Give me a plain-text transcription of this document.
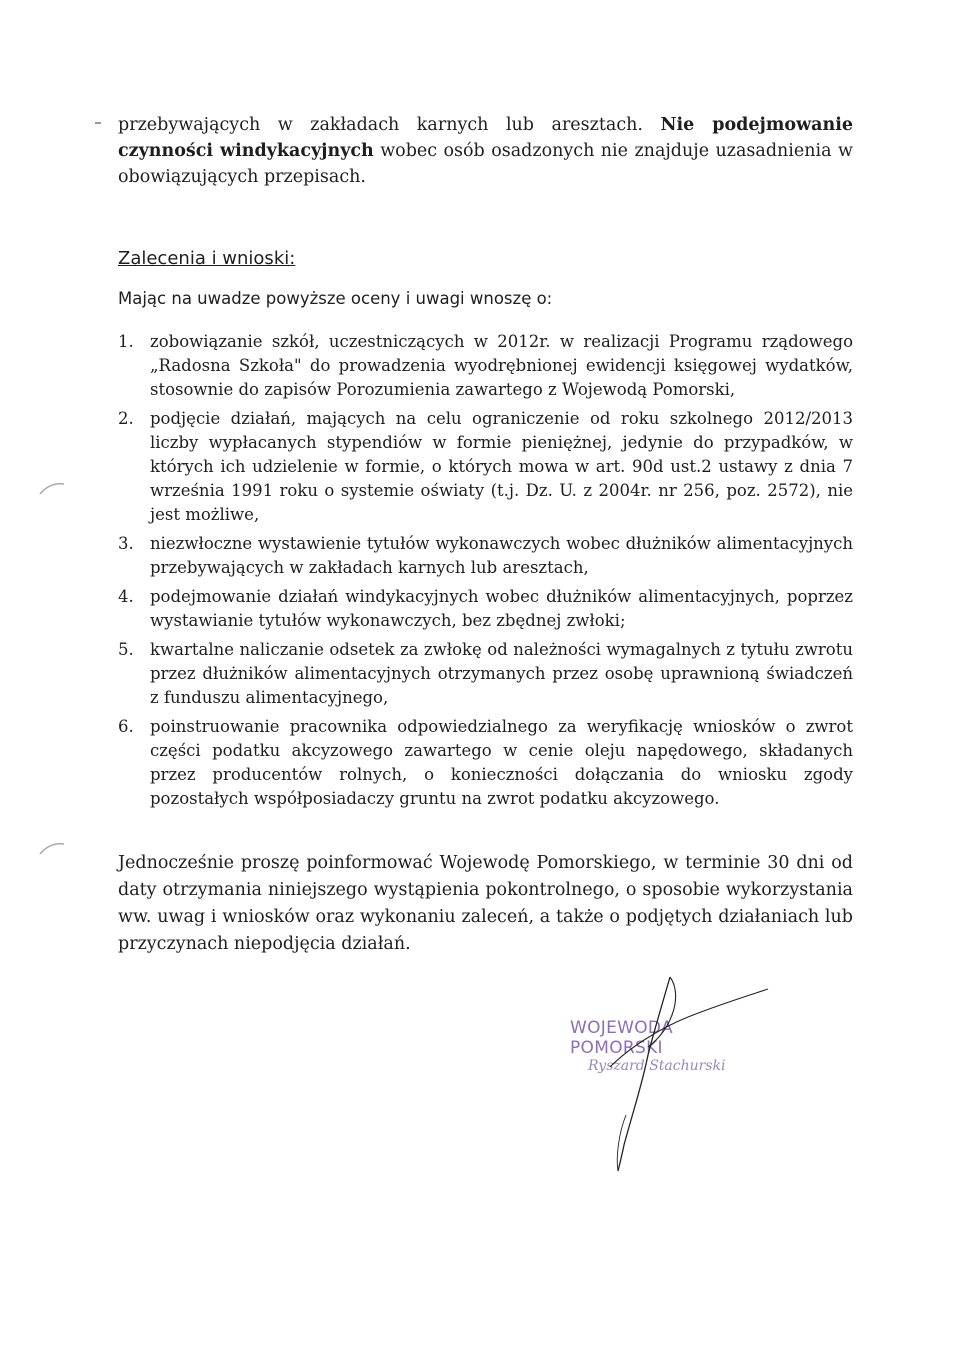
przebywających w zakładach karnych lub aresztach. Nie podejmowanie czynności windykacyjnych wobec osób osadzonych nie znajduje uzasadnienia w obowiązujących przepisach.

Zalecenia i wnioski:

Mając na uwadze powyższe oceny i uwagi wnoszę o:

1. zobowiązanie szkół, uczestniczących w 2012r. w realizacji Programu rządowego „Radosna Szkoła" do prowadzenia wyodrębnionej ewidencji księgowej wydatków, stosownie do zapisów Porozumienia zawartego z Wojewodą Pomorski,
2. podjęcie działań, mających na celu ograniczenie od roku szkolnego 2012/2013 liczby wypłacanych stypendiów w formie pieniężnej, jedynie do przypadków, w których ich udzielenie w formie, o których mowa w art. 90d ust.2 ustawy z dnia 7 września 1991 roku o systemie oświaty (t.j. Dz. U. z 2004r. nr 256, poz. 2572), nie jest możliwe,
3. niezwłoczne wystawienie tytułów wykonawczych wobec dłużników alimentacyjnych przebywających w zakładach karnych lub aresztach,
4. podejmowanie działań windykacyjnych wobec dłużników alimentacyjnych, poprzez wystawianie tytułów wykonawczych, bez zbędnej zwłoki;
5. kwartalne naliczanie odsetek za zwłokę od należności wymagalnych z tytułu zwrotu przez dłużników alimentacyjnych otrzymanych przez osobę uprawnioną świadczeń z funduszu alimentacyjnego,
6. poinstruowanie pracownika odpowiedzialnego za weryfikację wniosków o zwrot części podatku akcyzowego zawartego w cenie oleju napędowego, składanych przez producentów rolnych, o konieczności dołączania do wniosku zgody pozostałych współposiadaczy gruntu na zwrot podatku akcyzowego.

Jednocześnie proszę poinformować Wojewodę Pomorskiego, w terminie 30 dni od daty otrzymania niniejszego wystąpienia pokontrolnego, o sposobie wykorzystania ww. uwag i wniosków oraz wykonaniu zaleceń, a także o podjętych działaniach lub przyczynach niepodjęcia działań.

WOJEWODA POMORSKI
Ryszard Stachurski
